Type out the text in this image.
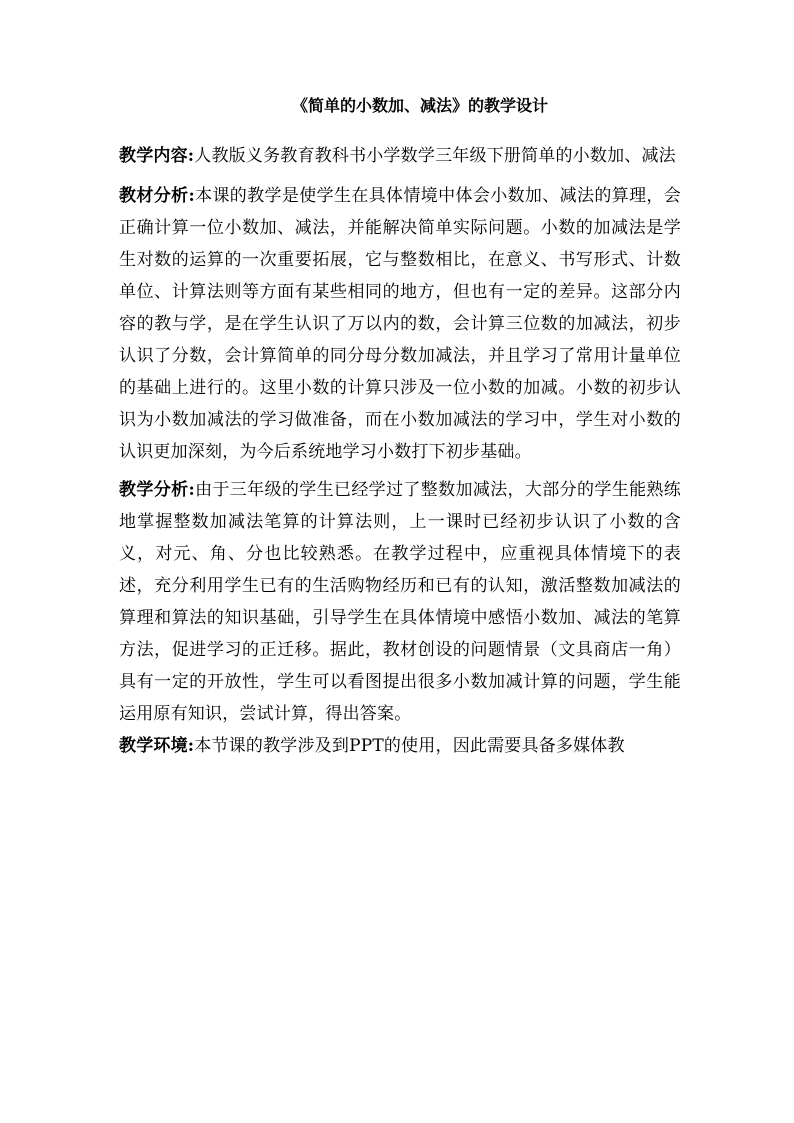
《简单的小数加、减法》的教学设计

教学内容:人教版义务教育教科书小学数学三年级下册简单的小数加、减法

教材分析:本课的教学是使学生在具体情境中体会小数加、减法的算理，会正确计算一位小数加、减法，并能解决简单实际问题。小数的加减法是学生对数的运算的一次重要拓展，它与整数相比，在意义、书写形式、计数单位、计算法则等方面有某些相同的地方，但也有一定的差异。这部分内容的教与学，是在学生认识了万以内的数，会计算三位数的加减法，初步认识了分数，会计算简单的同分母分数加减法，并且学习了常用计量单位的基础上进行的。这里小数的计算只涉及一位小数的加减。小数的初步认识为小数加减法的学习做准备，而在小数加减法的学习中，学生对小数的认识更加深刻，为今后系统地学习小数打下初步基础。

教学分析:由于三年级的学生已经学过了整数加减法，大部分的学生能熟练地掌握整数加减法笔算的计算法则，上一课时已经初步认识了小数的含义，对元、角、分也比较熟悉。在教学过程中，应重视具体情境下的表述，充分利用学生已有的生活购物经历和已有的认知，激活整数加减法的算理和算法的知识基础，引导学生在具体情境中感悟小数加、减法的笔算方法，促进学习的正迁移。据此，教材创设的问题情景（文具商店一角）具有一定的开放性，学生可以看图提出很多小数加减计算的问题，学生能运用原有知识，尝试计算，得出答案。

教学环境:本节课的教学涉及到PPT的使用，因此需要具备多媒体教
